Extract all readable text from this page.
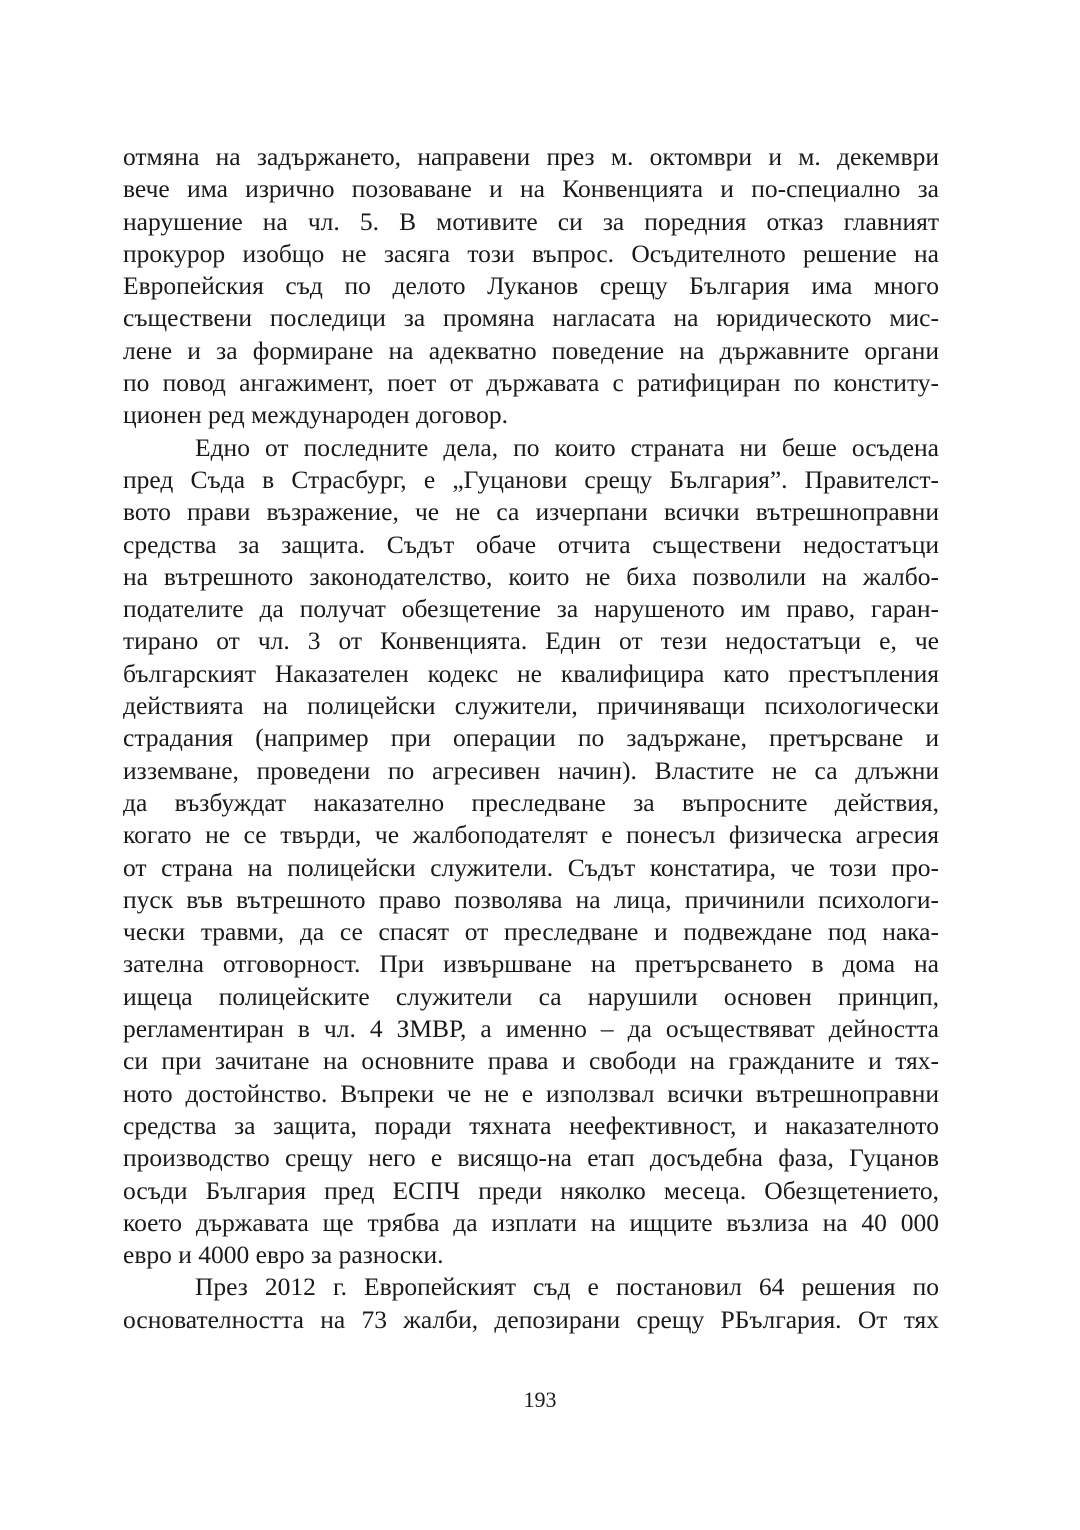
отмяна на задържането, направени през м. октомври и м. декември
вече има изрично позоваване и на Конвенцията и по-специално за
нарушение на чл. 5. В мотивите си за поредния отказ главният
прокурор изобщо не засяга този въпрос. Осъдителното решение на
Европейския съд по делото Луканов срещу България има много
съществени последици за промяна нагласата на юридическото мис-
лене и за формиране на адекватно поведение на държавните органи
по повод ангажимент, поет от държавата с ратифициран по конститу-
ционен ред международен договор.
Едно от последните дела, по които страната ни беше осъдена
пред Съда в Страсбург, е „Гуцанови срещу България”. Правителст-
вото прави възражение, че не са изчерпани всички вътрешноправни
средства за защита. Съдът обаче отчита съществени недостатъци
на вътрешното законодателство, които не биха позволили на жалбо-
подателите да получат обезщетение за нарушеното им право, гаран-
тирано от чл. 3 от Конвенцията. Един от тези недостатъци е, че
българският Наказателен кодекс не квалифицира като престъпления
действията на полицейски служители, причиняващи психологически
страдания (например при операции по задържане, претърсване и
изземване, проведени по агресивен начин). Властите не са длъжни
да възбуждат наказателно преследване за въпросните действия,
когато не се твърди, че жалбоподателят е понесъл физическа агресия
от страна на полицейски служители. Съдът констатира, че този про-
пуск във вътрешното право позволява на лица, причинили психологи-
чески травми, да се спасят от преследване и подвеждане под нака-
зателна отговорност. При извършване на претърсването в дома на
ищеца полицейските служители са нарушили основен принцип,
регламентиран в чл. 4 ЗМВР, а именно – да осъществяват дейността
си при зачитане на основните права и свободи на гражданите и тях-
ното достойнство. Въпреки че не е използвал всички вътрешноправни
средства за защита, поради тяхната неефективност, и наказателното
производство срещу него е висящо-на етап досъдебна фаза, Гуцанов
осъди България пред ЕСПЧ преди няколко месеца. Обезщетението,
което държавата ще трябва да изплати на ищците възлиза на 40 000
евро и 4000 евро за разноски.
През 2012 г. Европейският съд е постановил 64 решения по
основателността на 73 жалби, депозирани срещу РБългария. От тях
193
